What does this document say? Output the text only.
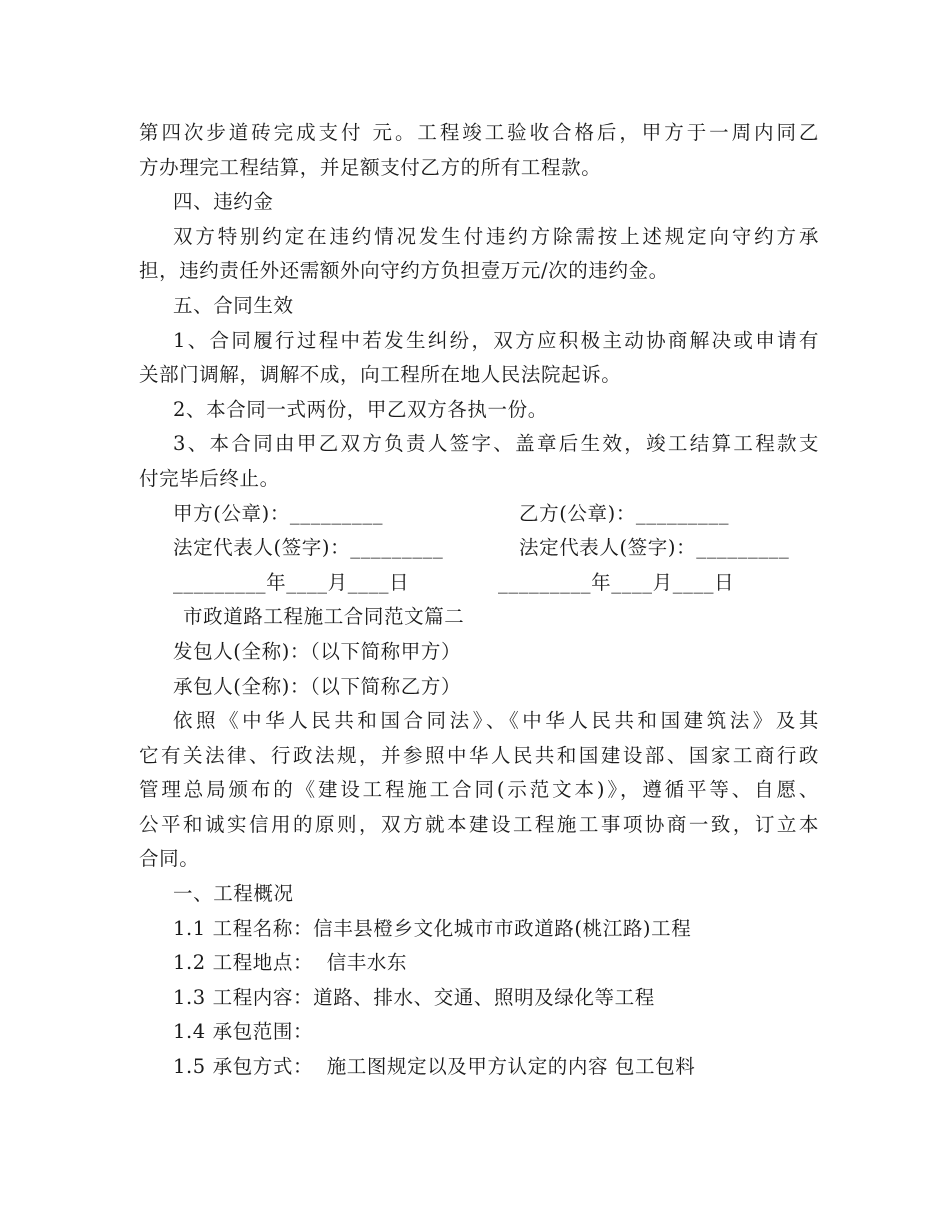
第四次步道砖完成支付 元。工程竣工验收合格后，甲方于一周内同乙
方办理完工程结算，并足额支付乙方的所有工程款。
四、违约金
双方特别约定在违约情况发生付违约方除需按上述规定向守约方承
担，违约责任外还需额外向守约方负担壹万元/次的违约金。
五、合同生效
1、合同履行过程中若发生纠纷，双方应积极主动协商解决或申请有
关部门调解，调解不成，向工程所在地人民法院起诉。
2、本合同一式两份，甲乙双方各执一份。
3、本合同由甲乙双方负责人签字、盖章后生效，竣工结算工程款支
付完毕后终止。
甲方(公章)：_________	乙方(公章)：_________
法定代表人(签字)：_________	法定代表人(签字)：_________
_________年____月____日	_________年____月____日
市政道路工程施工合同范文篇二
发包人(全称)：（以下简称甲方）
承包人(全称)：（以下简称乙方）
依照《中华人民共和国合同法》、《中华人民共和国建筑法》及其
它有关法律、行政法规，并参照中华人民共和国建设部、国家工商行政
管理总局颁布的《建设工程施工合同(示范文本)》，遵循平等、自愿、
公平和诚实信用的原则，双方就本建设工程施工事项协商一致，订立本
合同。
一、工程概况
1.1 工程名称：信丰县橙乡文化城市市政道路(桃江路)工程
1.2 工程地点：  信丰水东
1.3 工程内容：道路、排水、交通、照明及绿化等工程
1.4 承包范围：
1.5 承包方式：  施工图规定以及甲方认定的内容 包工包料
